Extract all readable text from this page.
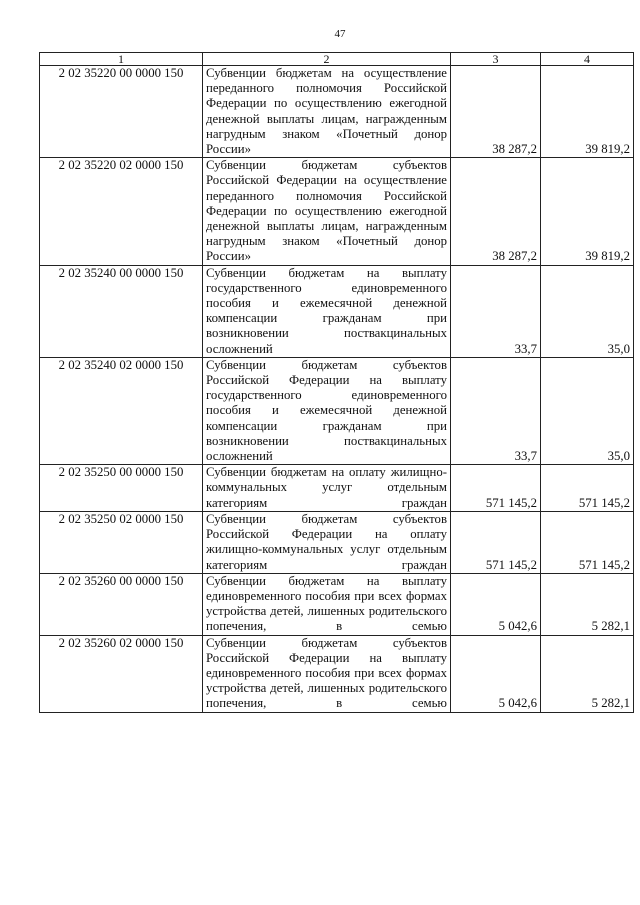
47
1	2	3	4
2 02 35220 00 0000 150	Субвенции бюджетам на осуществление переданного полномочия Российской Федерации по осуществлению ежегодной денежной выплаты лицам, награжденным нагрудным знаком «Почетный донор России»	38 287,2	39 819,2
2 02 35220 02 0000 150	Субвенции бюджетам субъектов Российской Федерации на осуществление переданного полномочия Российской Федерации по осуществлению ежегодной денежной выплаты лицам, награжденным нагрудным знаком «Почетный донор России»	38 287,2	39 819,2
2 02 35240 00 0000 150	Субвенции бюджетам на выплату государственного единовременного пособия и ежемесячной денежной компенсации гражданам при возникновении поствакцинальных осложнений	33,7	35,0
2 02 35240 02 0000 150	Субвенции бюджетам субъектов Российской Федерации на выплату государственного единовременного пособия и ежемесячной денежной компенсации гражданам при возникновении поствакцинальных осложнений	33,7	35,0
2 02 35250 00 0000 150	Субвенции бюджетам на оплату жилищно-коммунальных услуг отдельным категориям граждан	571 145,2	571 145,2
2 02 35250 02 0000 150	Субвенции бюджетам субъектов Российской Федерации на оплату жилищно-коммунальных услуг отдельным категориям граждан	571 145,2	571 145,2
2 02 35260 00 0000 150	Субвенции бюджетам на выплату единовременного пособия при всех формах устройства детей, лишенных родительского попечения, в семью	5 042,6	5 282,1
2 02 35260 02 0000 150	Субвенции бюджетам субъектов Российской Федерации на выплату единовременного пособия при всех формах устройства детей, лишенных родительского попечения, в семью	5 042,6	5 282,1
